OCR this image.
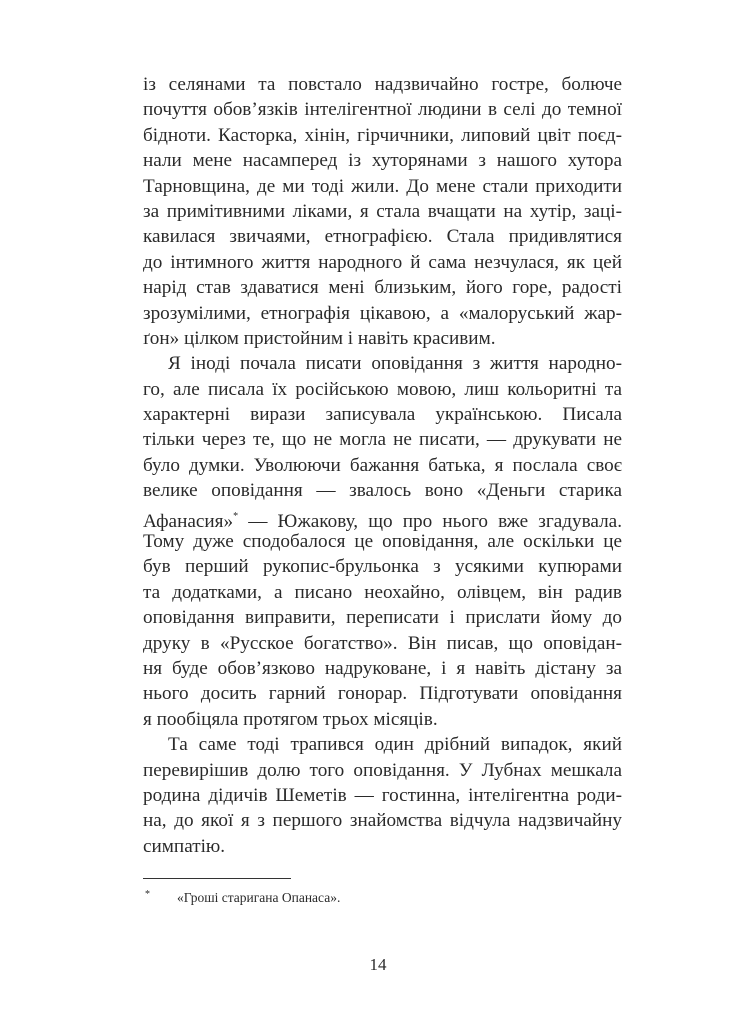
із селянами та повстало надзвичайно гостре, болюче
почуття обов’язків інтелігентної людини в селі до темної
бідноти. Касторка, хінін, гірчичники, липовий цвіт поєд-
нали мене насамперед із хуторянами з нашого хутора
Тарновщина, де ми тоді жили. До мене стали приходити
за примітивними ліками, я стала вчащати на хутір, заці-
кавилася звичаями, етнографією. Стала придивлятися
до інтимного життя народного й сама незчулася, як цей
нарід став здаватися мені близьким, його горе, радості
зрозумілими, етнографія цікавою, а «малоруський жар-
ґон» цілком пристойним і навіть красивим.
Я іноді почала писати оповідання з життя народно-
го, але писала їх російською мовою, лиш кольоритні та
характерні вирази записувала українською. Писала
тільки через те, що не могла не писати, — друкувати не
було думки. Уволюючи бажання батька, я послала своє
велике оповідання — звалось воно «Деньги старика
Афанасия»* — Южакову, що про нього вже згадувала.
Тому дуже сподобалося це оповідання, але оскільки це
був перший рукопис-брульонка з усякими купюрами
та додатками, а писано неохайно, олівцем, він радив
оповідання виправити, переписати і прислати йому до
друку в «Русское богатство». Він писав, що оповідан-
ня буде обов’язково надруковане, і я навіть дістану за
нього досить гарний гонорар. Підготувати оповідання
я пообіцяла протягом трьох місяців.
Та саме тоді трапився один дрібний випадок, який
перевирішив долю того оповідання. У Лубнах мешкала
родина дідичів Шеметів — гостинна, інтелігентна роди-
на, до якої я з першого знайомства відчула надзвичайну
симпатію.
* «Гроші старигана Опанаса».
14
